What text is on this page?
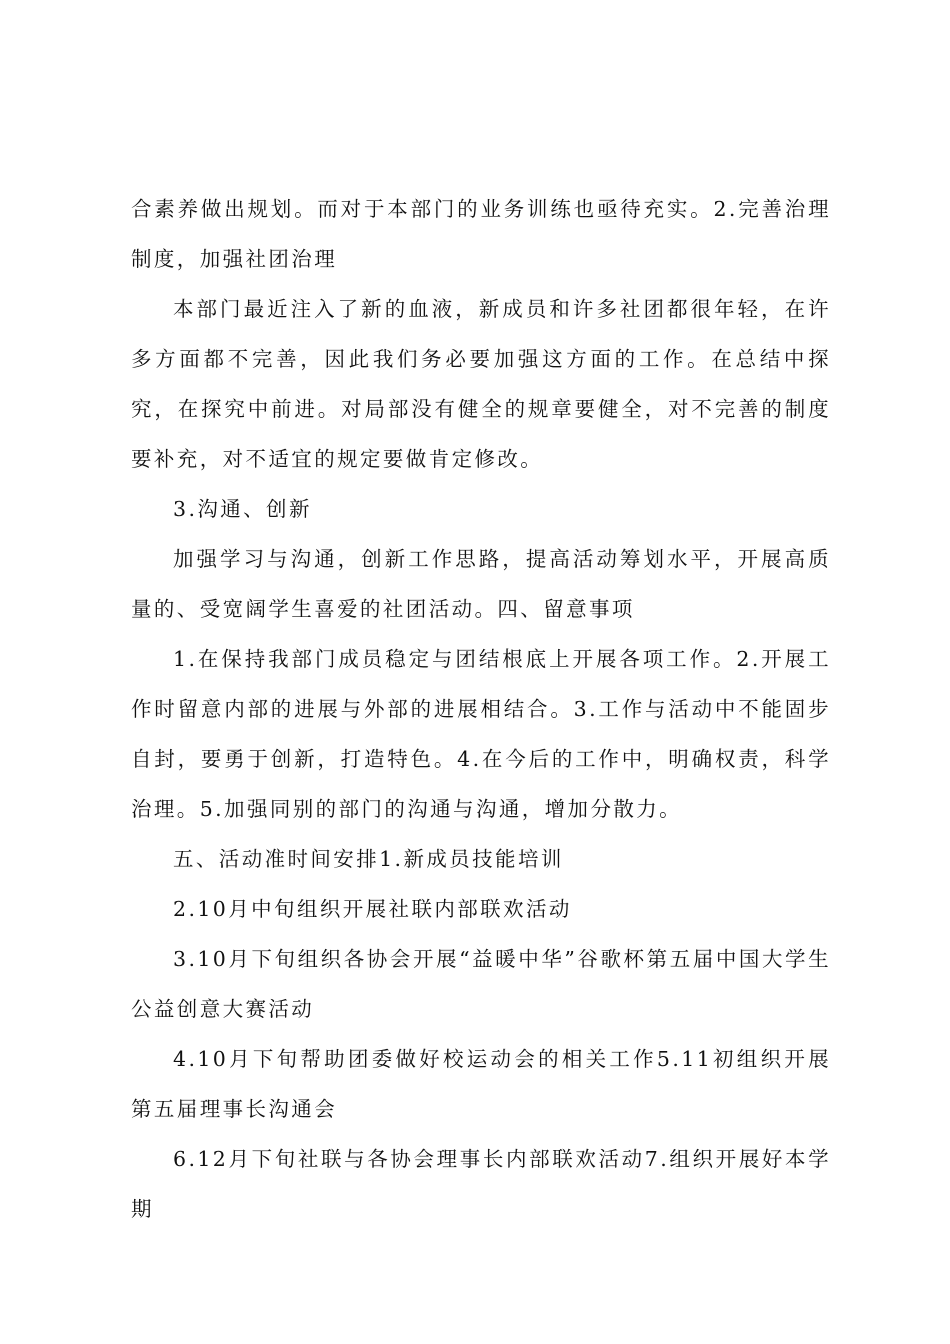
合素养做出规划。而对于本部门的业务训练也亟待充实。2.完善治理制度，加强社团治理

本部门最近注入了新的血液，新成员和许多社团都很年轻，在许多方面都不完善，因此我们务必要加强这方面的工作。在总结中探究，在探究中前进。对局部没有健全的规章要健全，对不完善的制度要补充，对不适宜的规定要做肯定修改。

3.沟通、创新

加强学习与沟通，创新工作思路，提高活动筹划水平，开展高质量的、受宽阔学生喜爱的社团活动。四、留意事项

1.在保持我部门成员稳定与团结根底上开展各项工作。2.开展工作时留意内部的进展与外部的进展相结合。3.工作与活动中不能固步自封，要勇于创新，打造特色。4.在今后的工作中，明确权责，科学治理。5.加强同别的部门的沟通与沟通，增加分散力。

五、活动准时间安排1.新成员技能培训

2.10月中旬组织开展社联内部联欢活动

3.10月下旬组织各协会开展“益暖中华”谷歌杯第五届中国大学生公益创意大赛活动

4.10月下旬帮助团委做好校运动会的相关工作5.11初组织开展第五届理事长沟通会

6.12月下旬社联与各协会理事长内部联欢活动7.组织开展好本学期
